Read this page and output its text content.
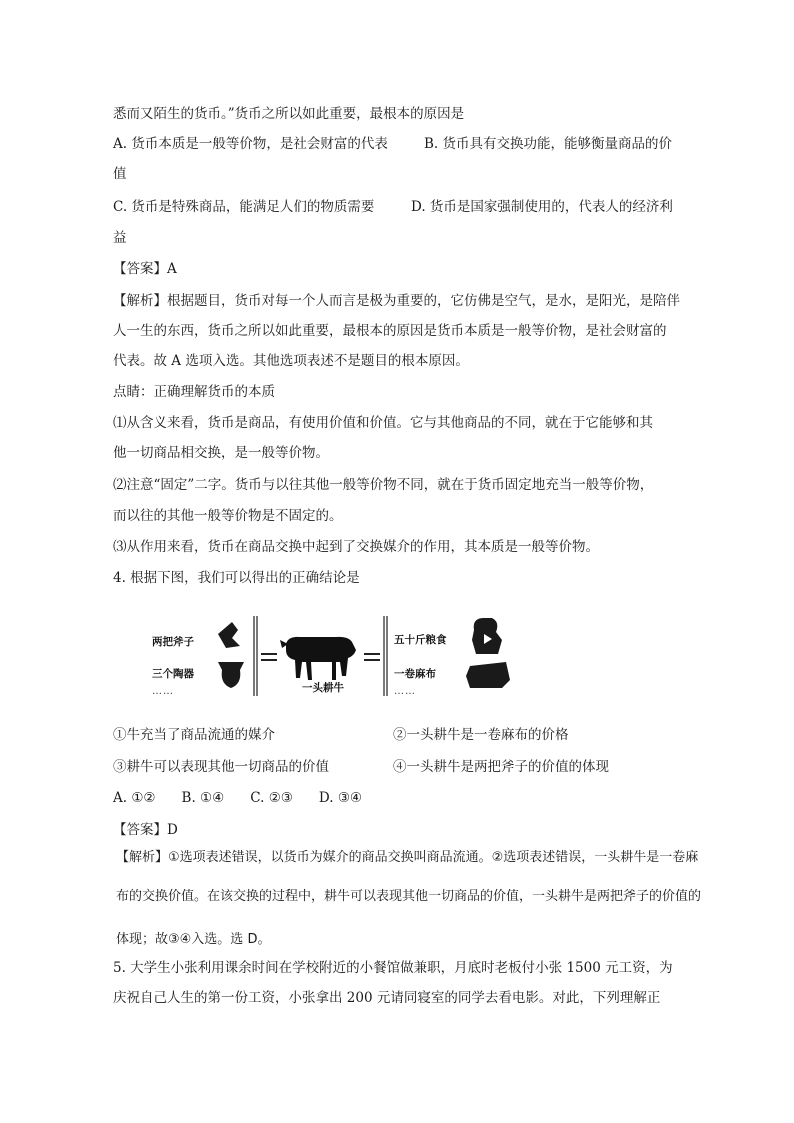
悉而又陌生的货币。”货币之所以如此重要，最根本的原因是
A. 货币本质是一般等价物，是社会财富的代表	B. 货币具有交换功能，能够衡量商品的价
值
C. 货币是特殊商品，能满足人们的物质需要	D. 货币是国家强制使用的，代表人的经济利
益
【答案】A
【解析】根据题目，货币对每一个人而言是极为重要的，它仿佛是空气，是水，是阳光，是陪伴
人一生的东西，货币之所以如此重要，最根本的原因是货币本质是一般等价物，是社会财富的
代表。故 A 选项入选。其他选项表述不是题目的根本原因。
点睛：正确理解货币的本质
⑴从含义来看，货币是商品，有使用价值和价值。它与其他商品的不同，就在于它能够和其
他一切商品相交换，是一般等价物。
⑵注意“固定”二字。货币与以往其他一般等价物不同，就在于货币固定地充当一般等价物，
而以往的其他一般等价物是不固定的。
⑶从作用来看，货币在商品交换中起到了交换媒介的作用，其本质是一般等价物。
4. 根据下图，我们可以得出的正确结论是
两把斧子
三个陶器
……	一头耕牛
五十斤粮食
一卷麻布
……
①牛充当了商品流通的媒介	②一头耕牛是一卷麻布的价格
③耕牛可以表现其他一切商品的价值	④一头耕牛是两把斧子的价值的体现
A. ①② B. ①④ C. ②③ D. ③④
【答案】D
【解析】①选项表述错误，以货币为媒介的商品交换叫商品流通。②选项表述错误，一头耕牛是一卷麻
布的交换价值。在该交换的过程中，耕牛可以表现其他一切商品的价值，一头耕牛是两把斧子的价值的
体现；故③④入选。选 D。
5. 大学生小张利用课余时间在学校附近的小餐馆做兼职，月底时老板付小张 1500 元工资，为
庆祝自己人生的第一份工资，小张拿出 200 元请同寝室的同学去看电影。对此，下列理解正
